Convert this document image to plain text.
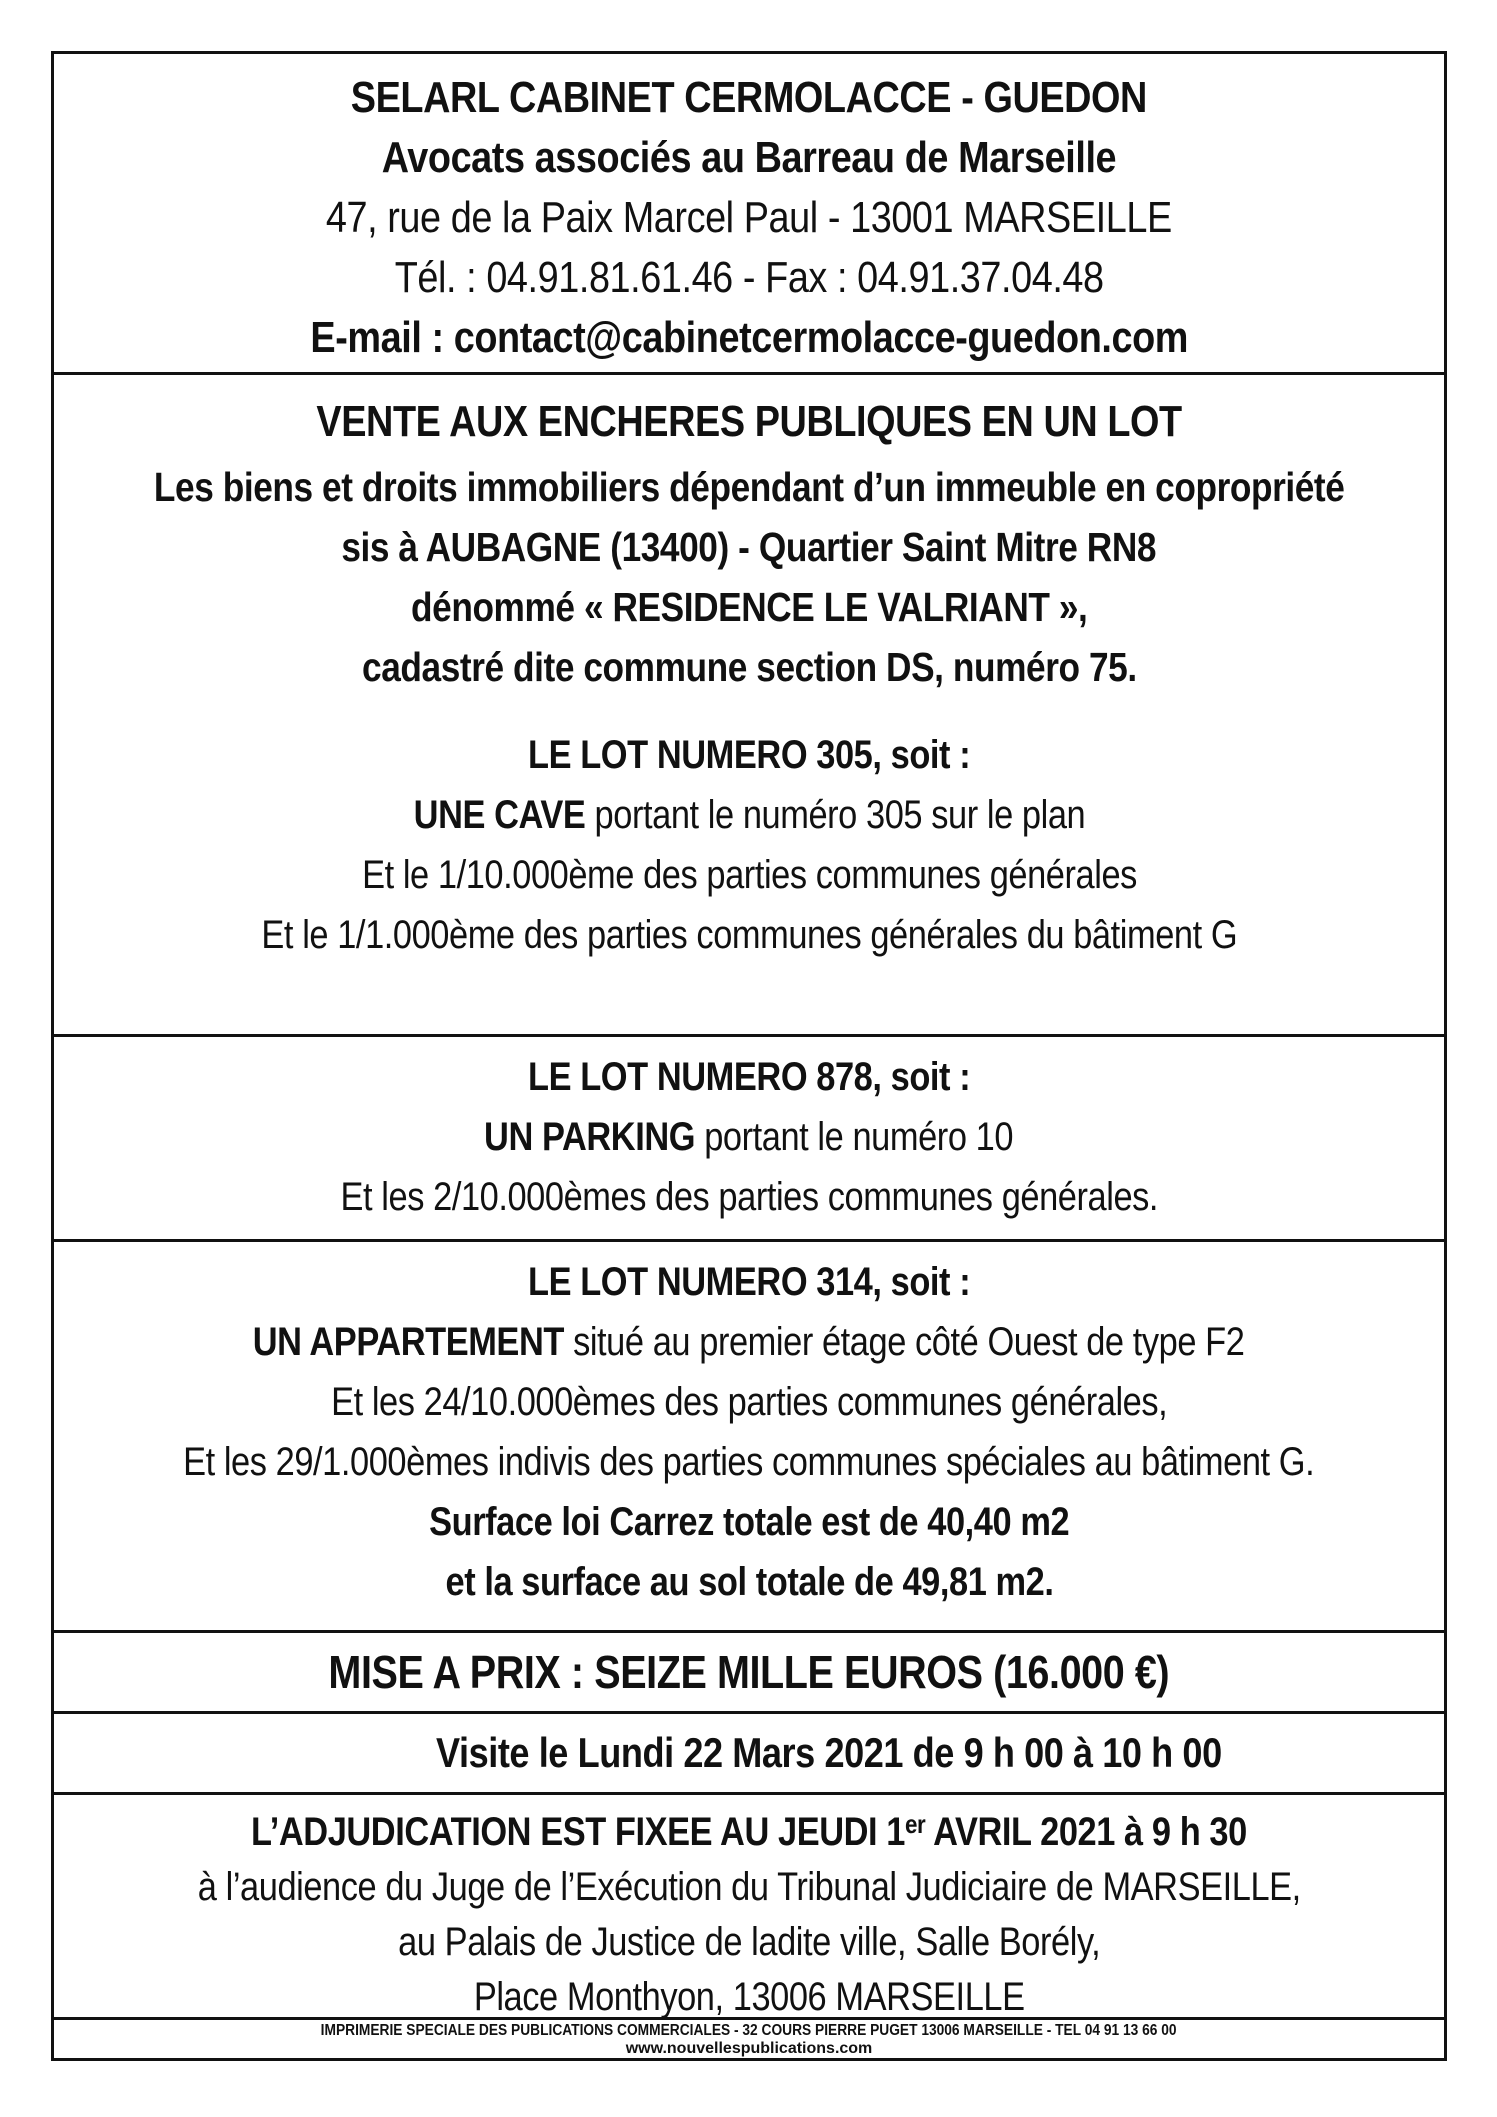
SELARL CABINET CERMOLACCE - GUEDON
Avocats associés au Barreau de Marseille
47, rue de la Paix Marcel Paul - 13001 MARSEILLE
Tél. : 04.91.81.61.46 - Fax : 04.91.37.04.48
E-mail : contact@cabinetcermolacce-guedon.com
VENTE AUX ENCHERES PUBLIQUES EN UN LOT
Les biens et droits immobiliers dépendant d’un immeuble en copropriété
sis à AUBAGNE (13400) - Quartier Saint Mitre RN8
dénommé « RESIDENCE LE VALRIANT »,
cadastré dite commune section DS, numéro 75.
LE LOT NUMERO 305, soit :
UNE CAVE portant le numéro 305 sur le plan
Et le 1/10.000ème des parties communes générales
Et le 1/1.000ème des parties communes générales du bâtiment G
LE LOT NUMERO 878, soit :
UN PARKING portant le numéro 10
Et les 2/10.000èmes des parties communes générales.
LE LOT NUMERO 314, soit :
UN APPARTEMENT situé au premier étage côté Ouest de type F2
Et les 24/10.000èmes des parties communes générales,
Et les 29/1.000èmes indivis des parties communes spéciales au bâtiment G.
Surface loi Carrez totale est de 40,40 m2
et la surface au sol totale de 49,81 m2.
MISE A PRIX : SEIZE MILLE EUROS (16.000 €)
Visite le Lundi 22 Mars 2021 de 9 h 00 à 10 h 00
L’ADJUDICATION EST FIXEE AU JEUDI 1er AVRIL 2021 à 9 h 30
à l’audience du Juge de l’Exécution du Tribunal Judiciaire de MARSEILLE,
au Palais de Justice de ladite ville, Salle Borély,
Place Monthyon, 13006 MARSEILLE
IMPRIMERIE SPECIALE DES PUBLICATIONS COMMERCIALES - 32 COURS PIERRE PUGET 13006 MARSEILLE - TEL 04 91 13 66 00
www.nouvellespublications.com
